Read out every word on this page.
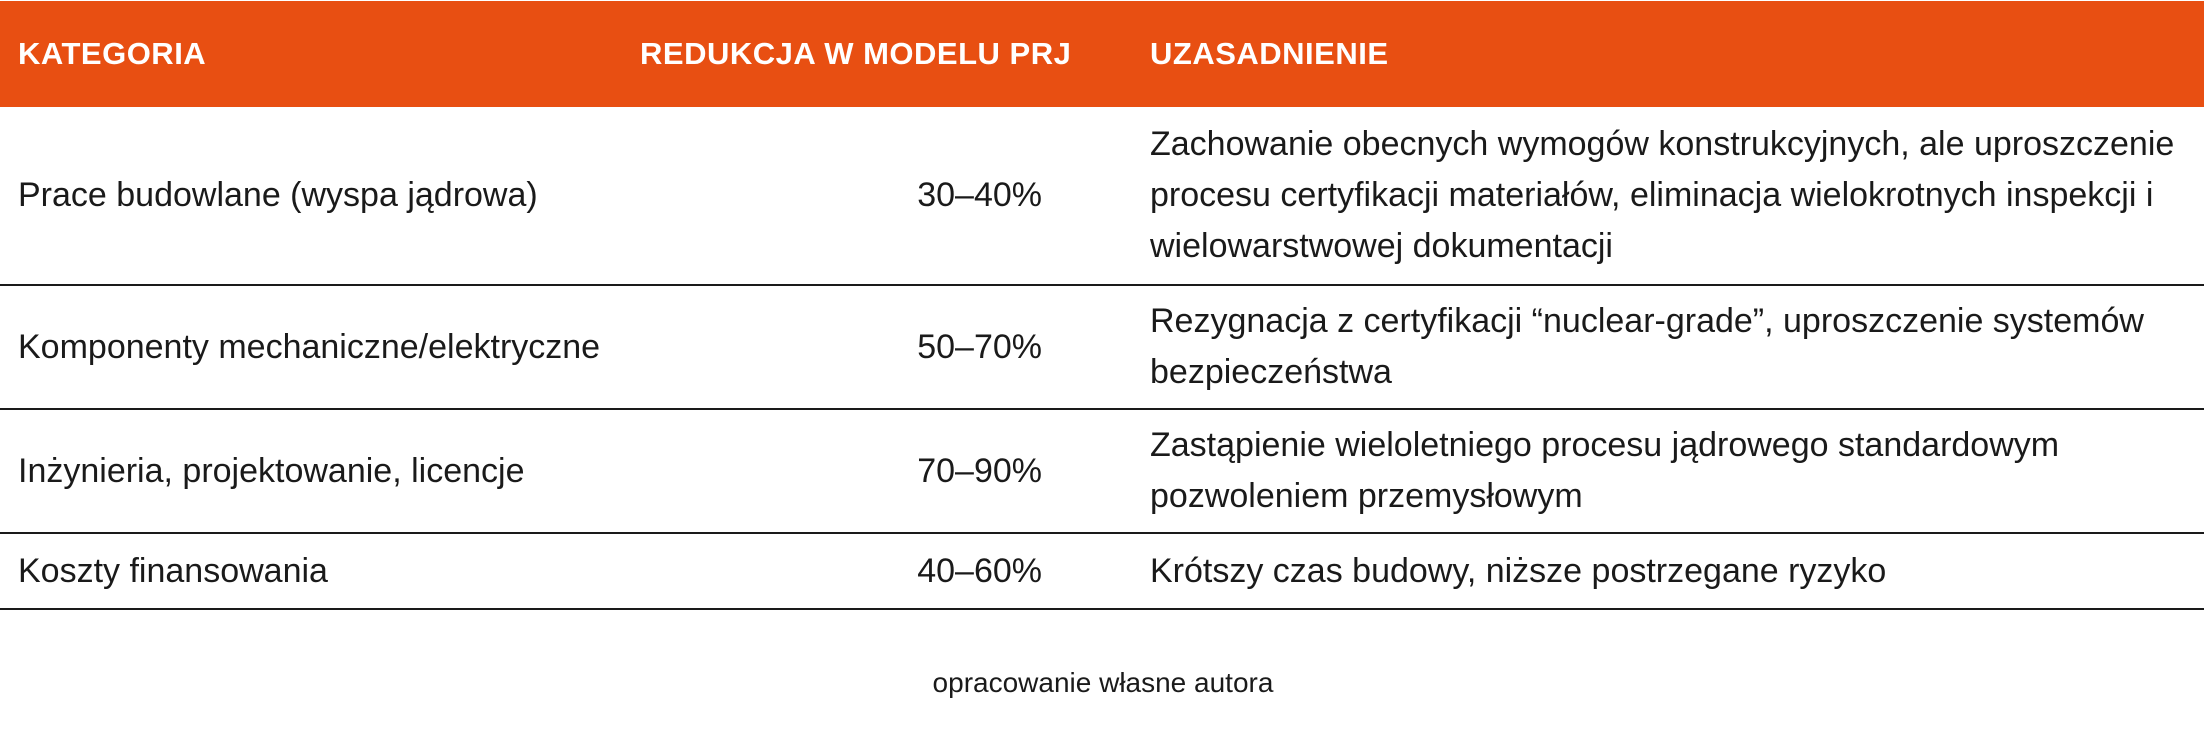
KATEGORIA	REDUKCJA W MODELU PRJ	UZASADNIENIE
Prace budowlane (wyspa jądrowa)	30–40%	Zachowanie obecnych wymogów konstrukcyjnych, ale uproszczenie procesu certyfikacji materiałów, eliminacja wielokrotnych inspekcji i wielowarstwowej dokumentacji
Komponenty mechaniczne/elektryczne	50–70%	Rezygnacja z certyfikacji “nuclear-grade”, uproszczenie systemów bezpieczeństwa
Inżynieria, projektowanie, licencje	70–90%	Zastąpienie wieloletniego procesu jądrowego standardowym pozwoleniem przemysłowym
Koszty finansowania	40–60%	Krótszy czas budowy, niższe postrzegane ryzyko
opracowanie własne autora
